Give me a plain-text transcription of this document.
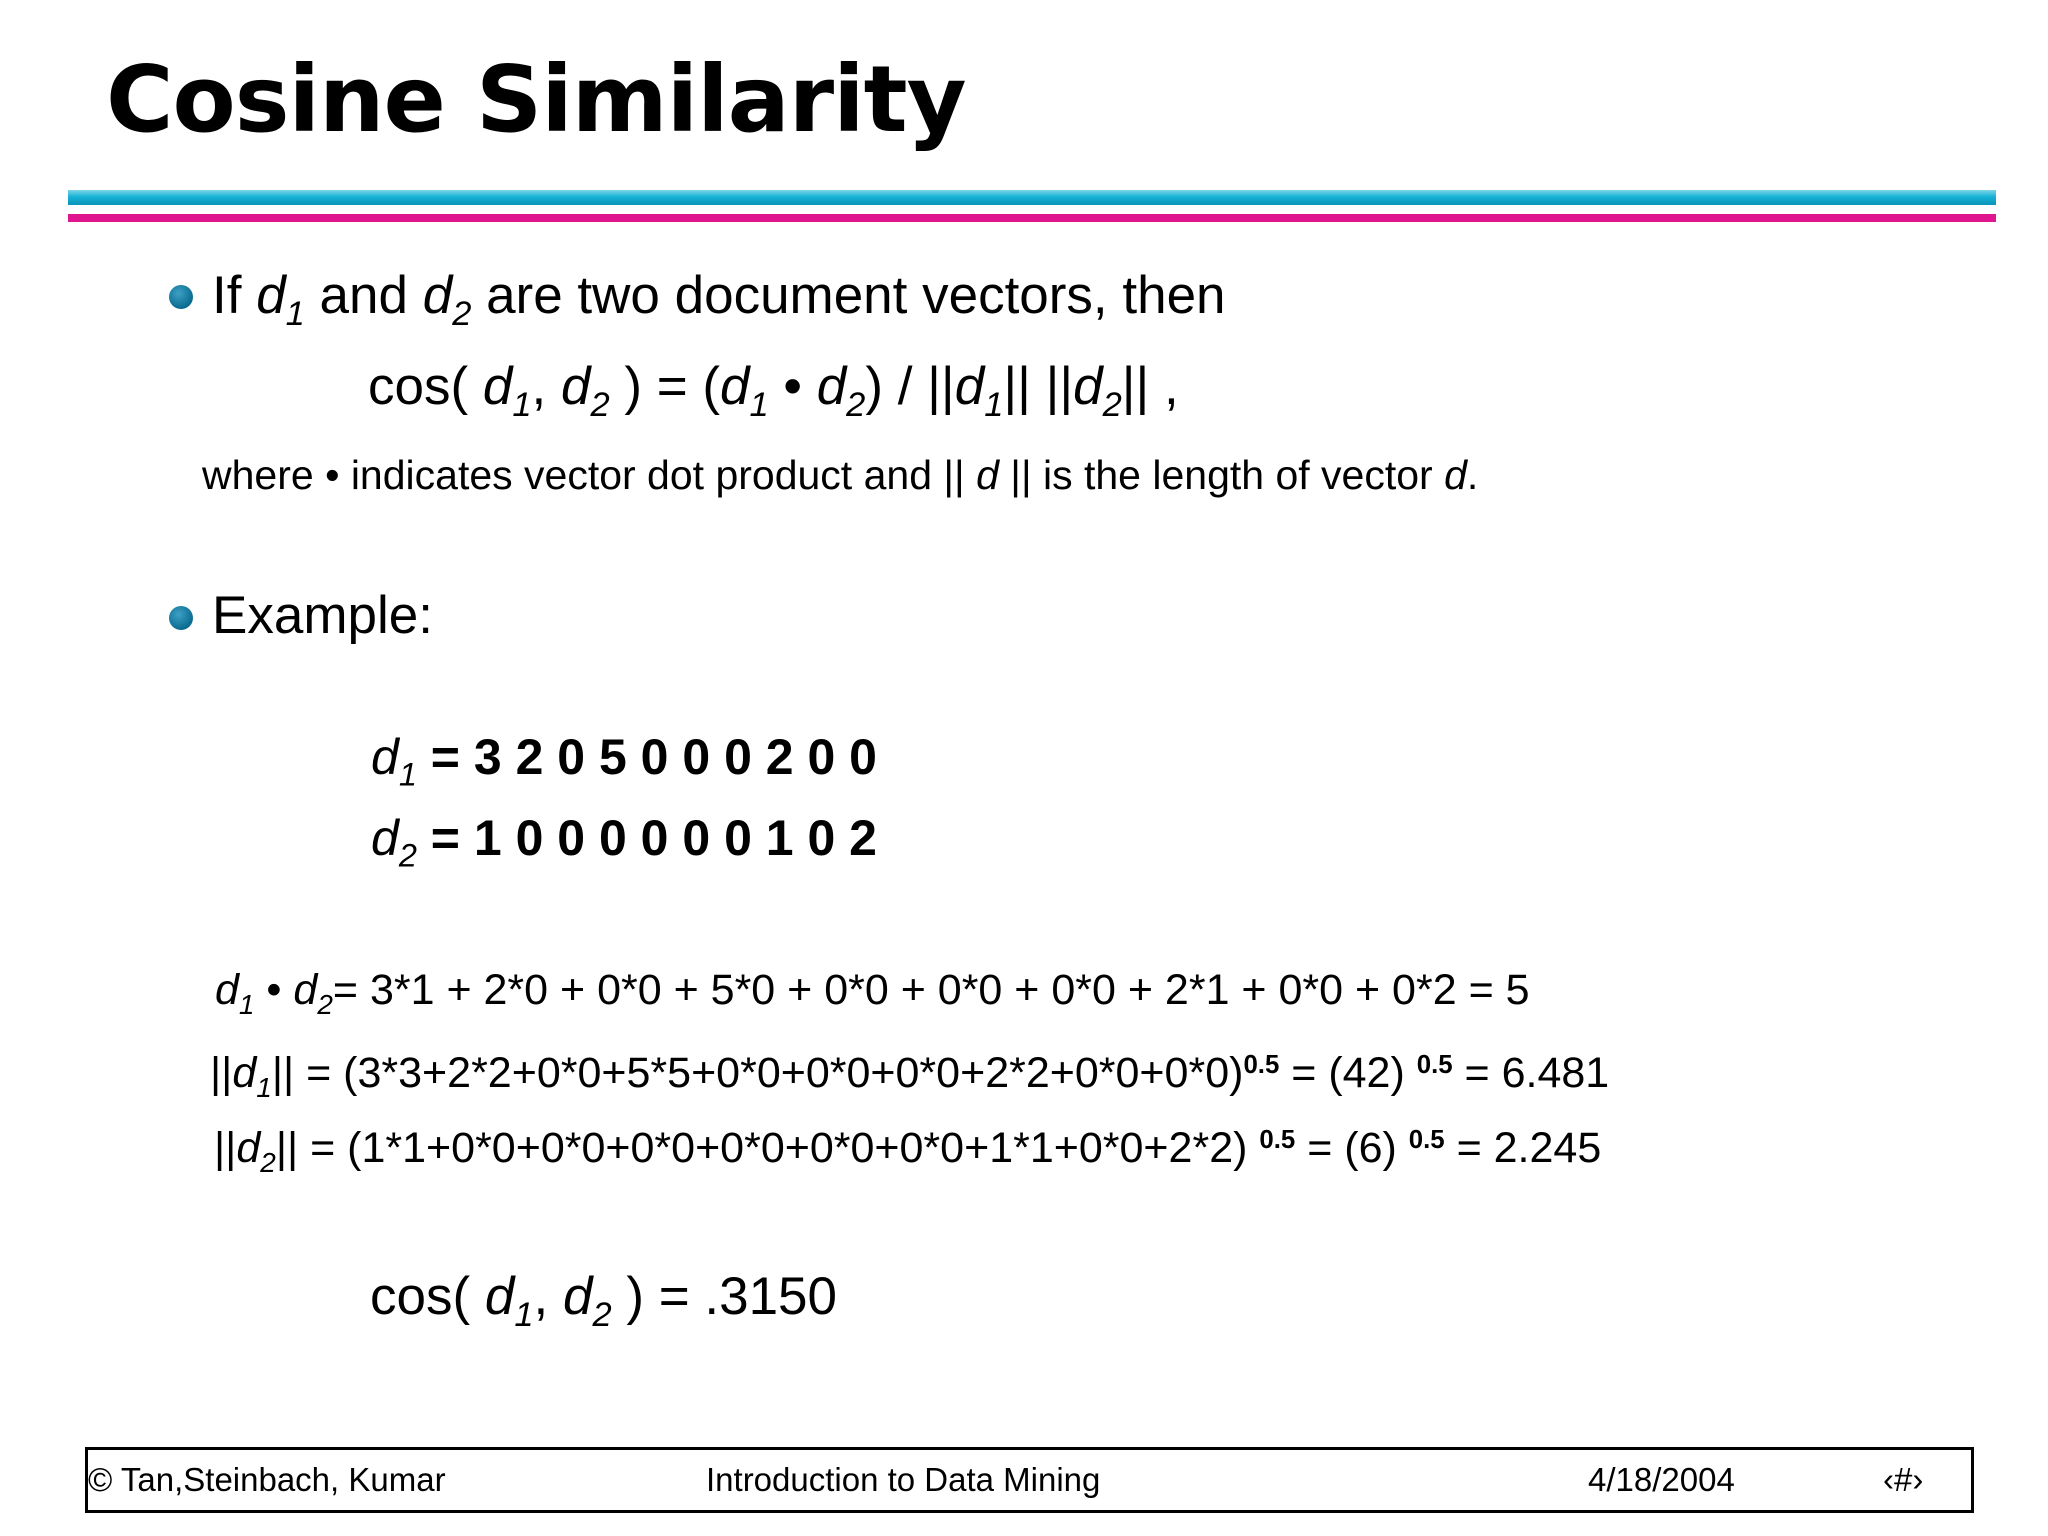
Cosine Similarity
If $d_1$ and $d_2$ are two document vectors, then
cos( $d_1$, $d_2$ ) = ($d_1$ • $d_2) / ||d_1||$ $||d_2||$ ,
where • indicates vector dot product and || d || is the length of vector d.
Example:
$d_1 = 3$ 2 0 5 0 0 0 2 0 0
$d_2 = 1$ 0 0 0 0 0 0 1 0 2
$d_1$ • $d_2= 3*1 + 2*0 + 0*0 + 5*0 + 0*0 + 0*0 + 0*0 + 2*1 + 0*0 + 0*2 = 5$
$||d_1|| = (3*3+2*2+0*0+5*5+0*0+0*0+0*0+2*2+0*0+0*0)^{0.5} = (42) ^{0.5} = 6.481$
$||d_2|| = (1*1+0*0+0*0+0*0+0*0+0*0+0*0+1*1+0*0+2*2) ^{0.5} = (6) ^{0.5} = 2.245$
cos( $d_1$, $d_2$ ) = .3150
© Tan,Steinbach, Kumar	Introduction to Data Mining	4/18/2004	‹#›
